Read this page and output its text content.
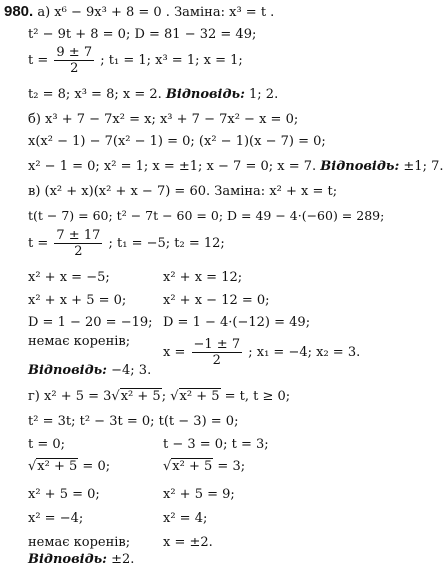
980. а) x⁶ − 9x³ + 8 = 0 . Заміна: x³ = t .
t² − 9t + 8 = 0; D = 81 − 32 = 49;
$t = \frac{9 \pm 7}{2}$ ; t₁ = 1; x³ = 1; x = 1;
t₂ = 8; x³ = 8; x = 2. Відповідь: 1; 2.
б) x³ + 7 − 7x² = x; x³ + 7 − 7x² − x = 0;
x(x² − 1) − 7(x² − 1) = 0; (x² − 1)(x − 7) = 0;
x² − 1 = 0; x² = 1; x = ±1; x − 7 = 0; x = 7. Відповідь: ±1; 7.
в) (x² + x)(x² + x − 7) = 60. Заміна: x² + x = t;
t(t − 7) = 60; t² − 7t − 60 = 0; D = 49 − 4·(−60) = 289;
$t = \frac{7 \pm 17}{2}$ ; t₁ = −5; t₂ = 12;
x² + x = −5;	x² + x = 12;
x² + x + 5 = 0;	x² + x − 12 = 0;
D = 1 − 20 = −19; D = 1 − 4·(−12) = 49;
немає коренів;
$x = \frac{-1 \pm 7}{2}$ ; x₁ = −4; x₂ = 3.
Відповідь: −4; 3.
г) x² + 5 = 3√x² + 5; √x² + 5 = t, t ≥ 0;
t² = 3t; t² − 3t = 0; t(t − 3) = 0;
t = 0;	t − 3 = 0; t = 3;
√x² + 5 = 0;	√x² + 5 = 3;
x² + 5 = 0;	x² + 5 = 9;
x² = −4;	x² = 4;
немає коренів;	x = ±2.
Відповідь: ±2.
